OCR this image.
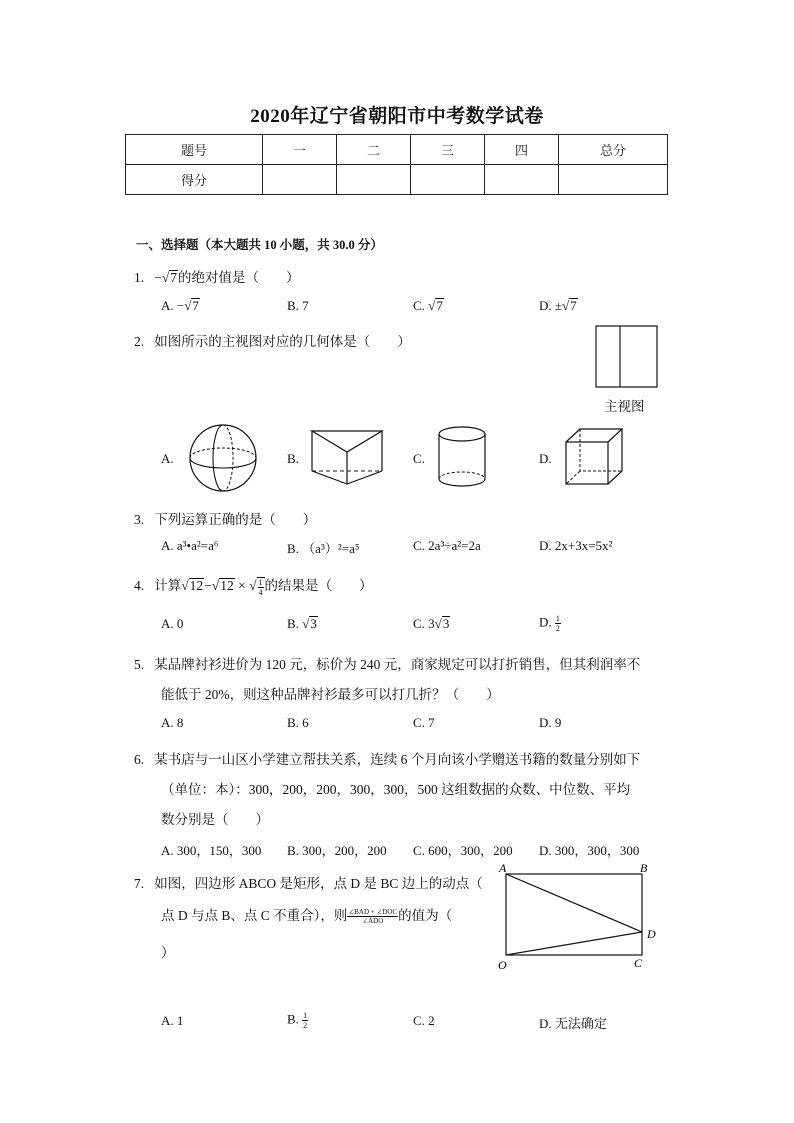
2020年辽宁省朝阳市中考数学试卷
题号	一	二	三	四	总分
得分					
一、选择题（本大题共 10 小题，共 30.0 分）
1. −√7的绝对值是（　　）
A. −√7	B. 7	C. √7	D. ±√7
2. 如图所示的主视图对应的几何体是（　　）
主视图
A.	B.	C.	D.
3. 下列运算正确的是（　　）
A. a³•a²=a⁶	B. （a³）²=a⁵	C. 2a³÷a²=2a	D. 2x+3x=5x²
4. 计算√12−√12 × √ $\frac{1}{4}$ 的结果是（　　）
A. 0	B. √3	C. 3√3	D. $\frac{1}{2}$
5. 某品牌衬衫进价为 120 元，标价为 240 元，商家规定可以打折销售，但其利润率不
能低于 20%，则这种品牌衬衫最多可以打几折？（　　）
A. 8	B. 6	C. 7	D. 9
6. 某书店与一山区小学建立帮扶关系，连续 6 个月向该小学赠送书籍的数量分别如下
（单位：本）：300，200，200，300，300，500 这组数据的众数、中位数、平均
数分别是（　　）
A. 300，150，300 B. 300，200，200 C. 600，300，200 D. 300，300，300
7. 如图，四边形 ABCO 是矩形，点 D 是 BC 边上的动点（
点 D 与点 B、点 C 不重合），则 $\frac{\text{∠BAD + ∠DOC}}{\text{∠ADO}}$ 的值为（
）
A	B
D
O	C
A. 1	B. $\frac{1}{2}$	C. 2	D. 无法确定
